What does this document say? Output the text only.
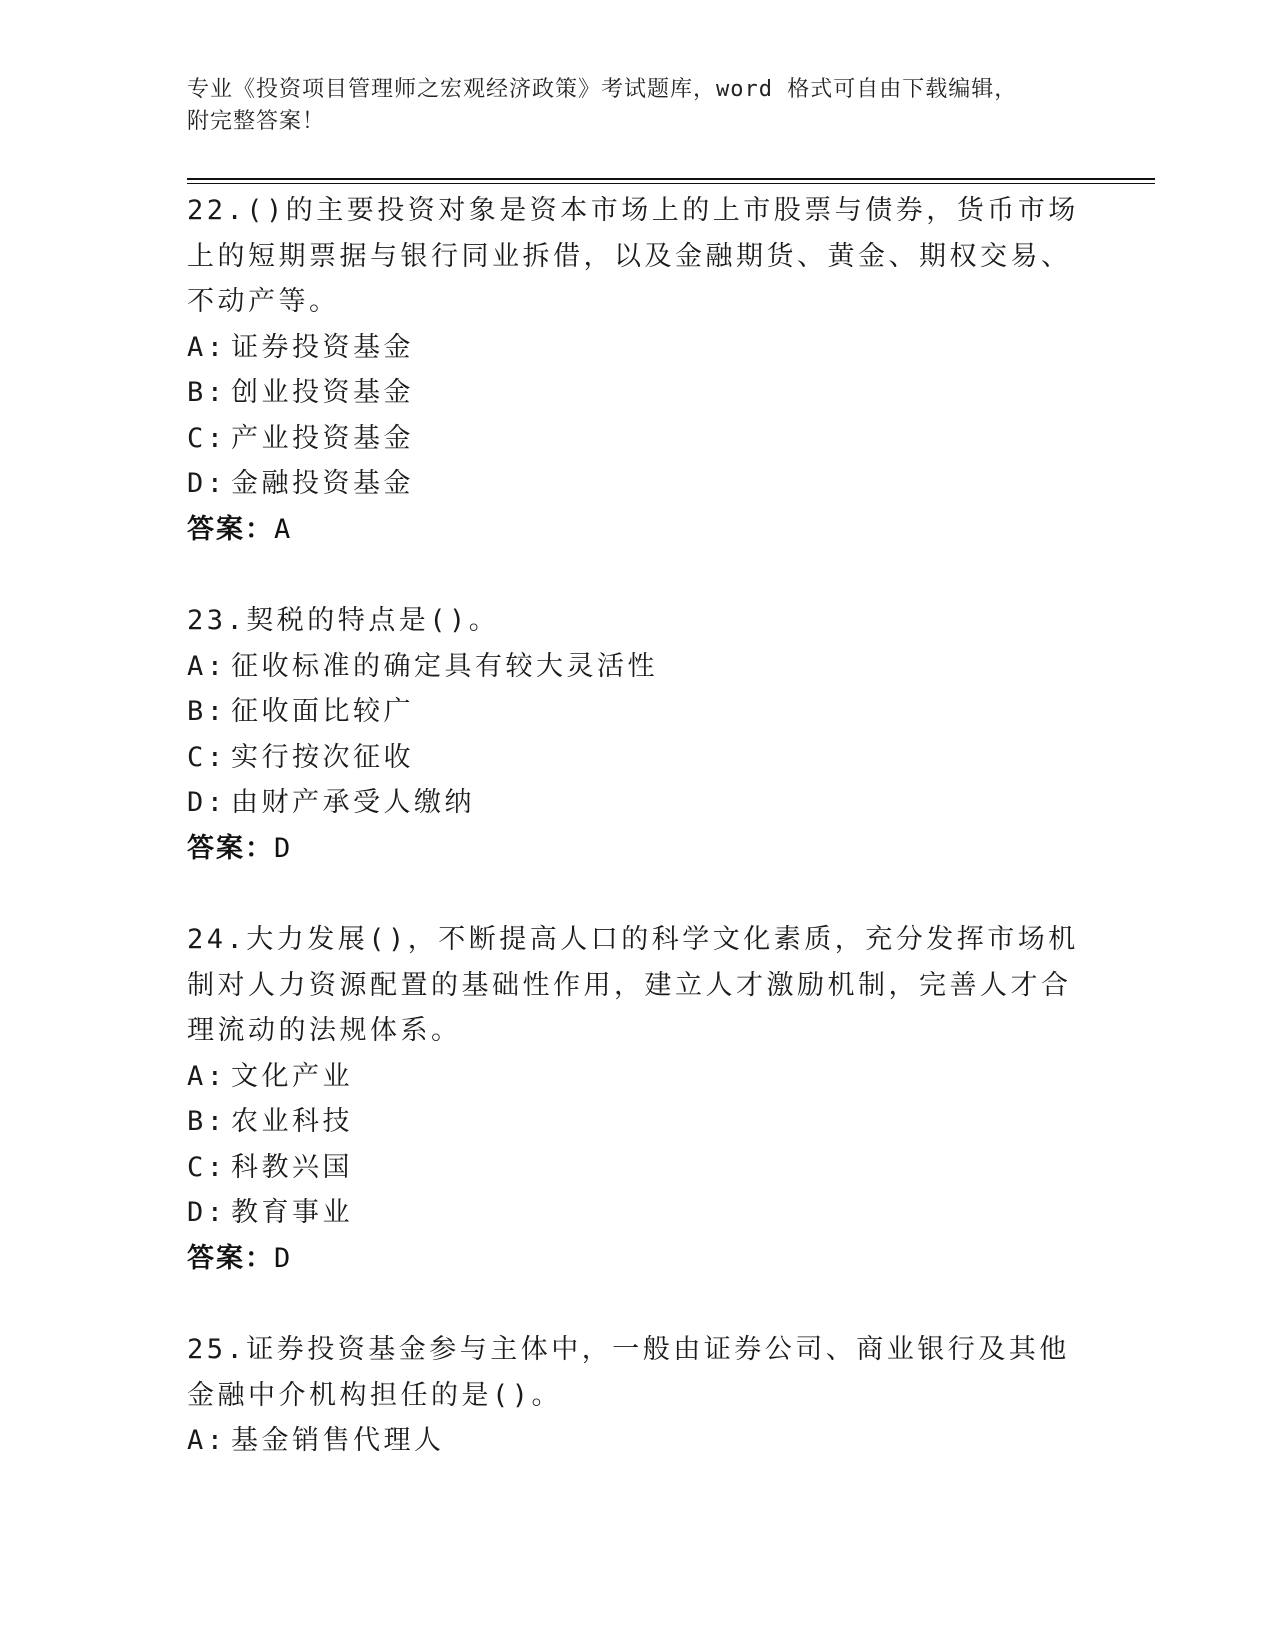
专业《投资项目管理师之宏观经济政策》考试题库，word 格式可自由下载编辑，
附完整答案！

22.()的主要投资对象是资本市场上的上市股票与债券，货币市场上的短期票据与银行同业拆借，以及金融期货、黄金、期权交易、不动产等。

A: 证券投资基金

B: 创业投资基金

C: 产业投资基金

D: 金融投资基金

答案：A

23.契税的特点是()。

A: 征收标准的确定具有较大灵活性

B: 征收面比较广

C: 实行按次征收

D: 由财产承受人缴纳

答案：D

24.大力发展()，不断提高人口的科学文化素质，充分发挥市场机制对人力资源配置的基础性作用，建立人才激励机制，完善人才合理流动的法规体系。

A: 文化产业

B: 农业科技

C: 科教兴国

D: 教育事业

答案：D

25.证券投资基金参与主体中，一般由证券公司、商业银行及其他金融中介机构担任的是()。

A: 基金销售代理人
